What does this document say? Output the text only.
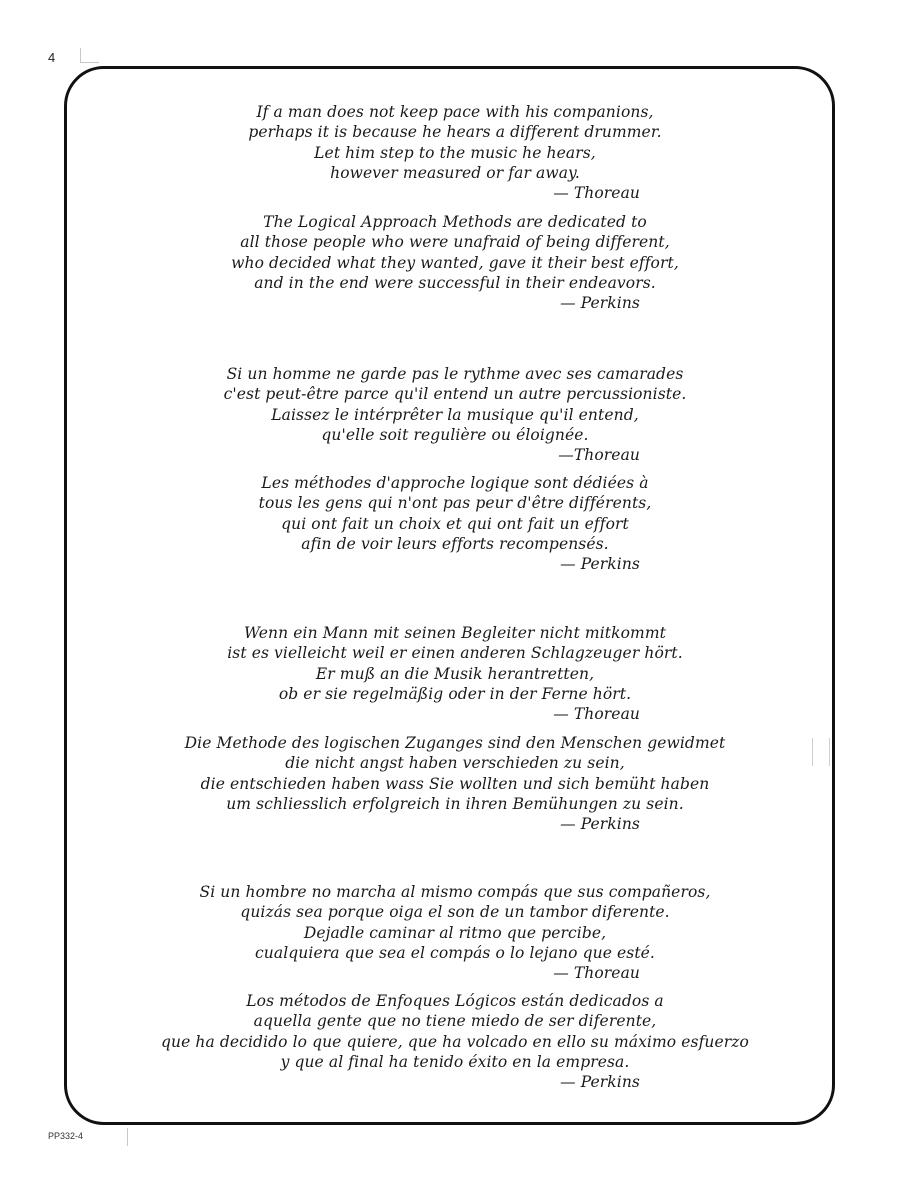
4
PP332-4
If a man does not keep pace with his companions,
perhaps it is because he hears a different drummer.
Let him step to the music he hears,
however measured or far away.
— Thoreau
The Logical Approach Methods are dedicated to
all those people who were unafraid of being different,
who decided what they wanted, gave it their best effort,
and in the end were successful in their endeavors.
— Perkins
Si un homme ne garde pas le rythme avec ses camarades
c'est peut-être parce qu'il entend un autre percussioniste.
Laissez le intérprêter la musique qu'il entend,
qu'elle soit regulière ou éloignée.
—Thoreau
Les méthodes d'approche logique sont dédiées à
tous les gens qui n'ont pas peur d'être différents,
qui ont fait un choix et qui ont fait un effort
afin de voir leurs efforts recompensés.
— Perkins
Wenn ein Mann mit seinen Begleiter nicht mitkommt
ist es vielleicht weil er einen anderen Schlagzeuger hört.
Er muß an die Musik herantretten,
ob er sie regelmäßig oder in der Ferne hört.
— Thoreau
Die Methode des logischen Zuganges sind den Menschen gewidmet
die nicht angst haben verschieden zu sein,
die entschieden haben wass Sie wollten und sich bemüht haben
um schliesslich erfolgreich in ihren Bemühungen zu sein.
— Perkins
Si un hombre no marcha al mismo compás que sus compañeros,
quizás sea porque oiga el son de un tambor diferente.
Dejadle caminar al ritmo que percibe,
cualquiera que sea el compás o lo lejano que esté.
— Thoreau
Los métodos de Enfoques Lógicos están dedicados a
aquella gente que no tiene miedo de ser diferente,
que ha decidido lo que quiere, que ha volcado en ello su máximo esfuerzo
y que al final ha tenido éxito en la empresa.
— Perkins
